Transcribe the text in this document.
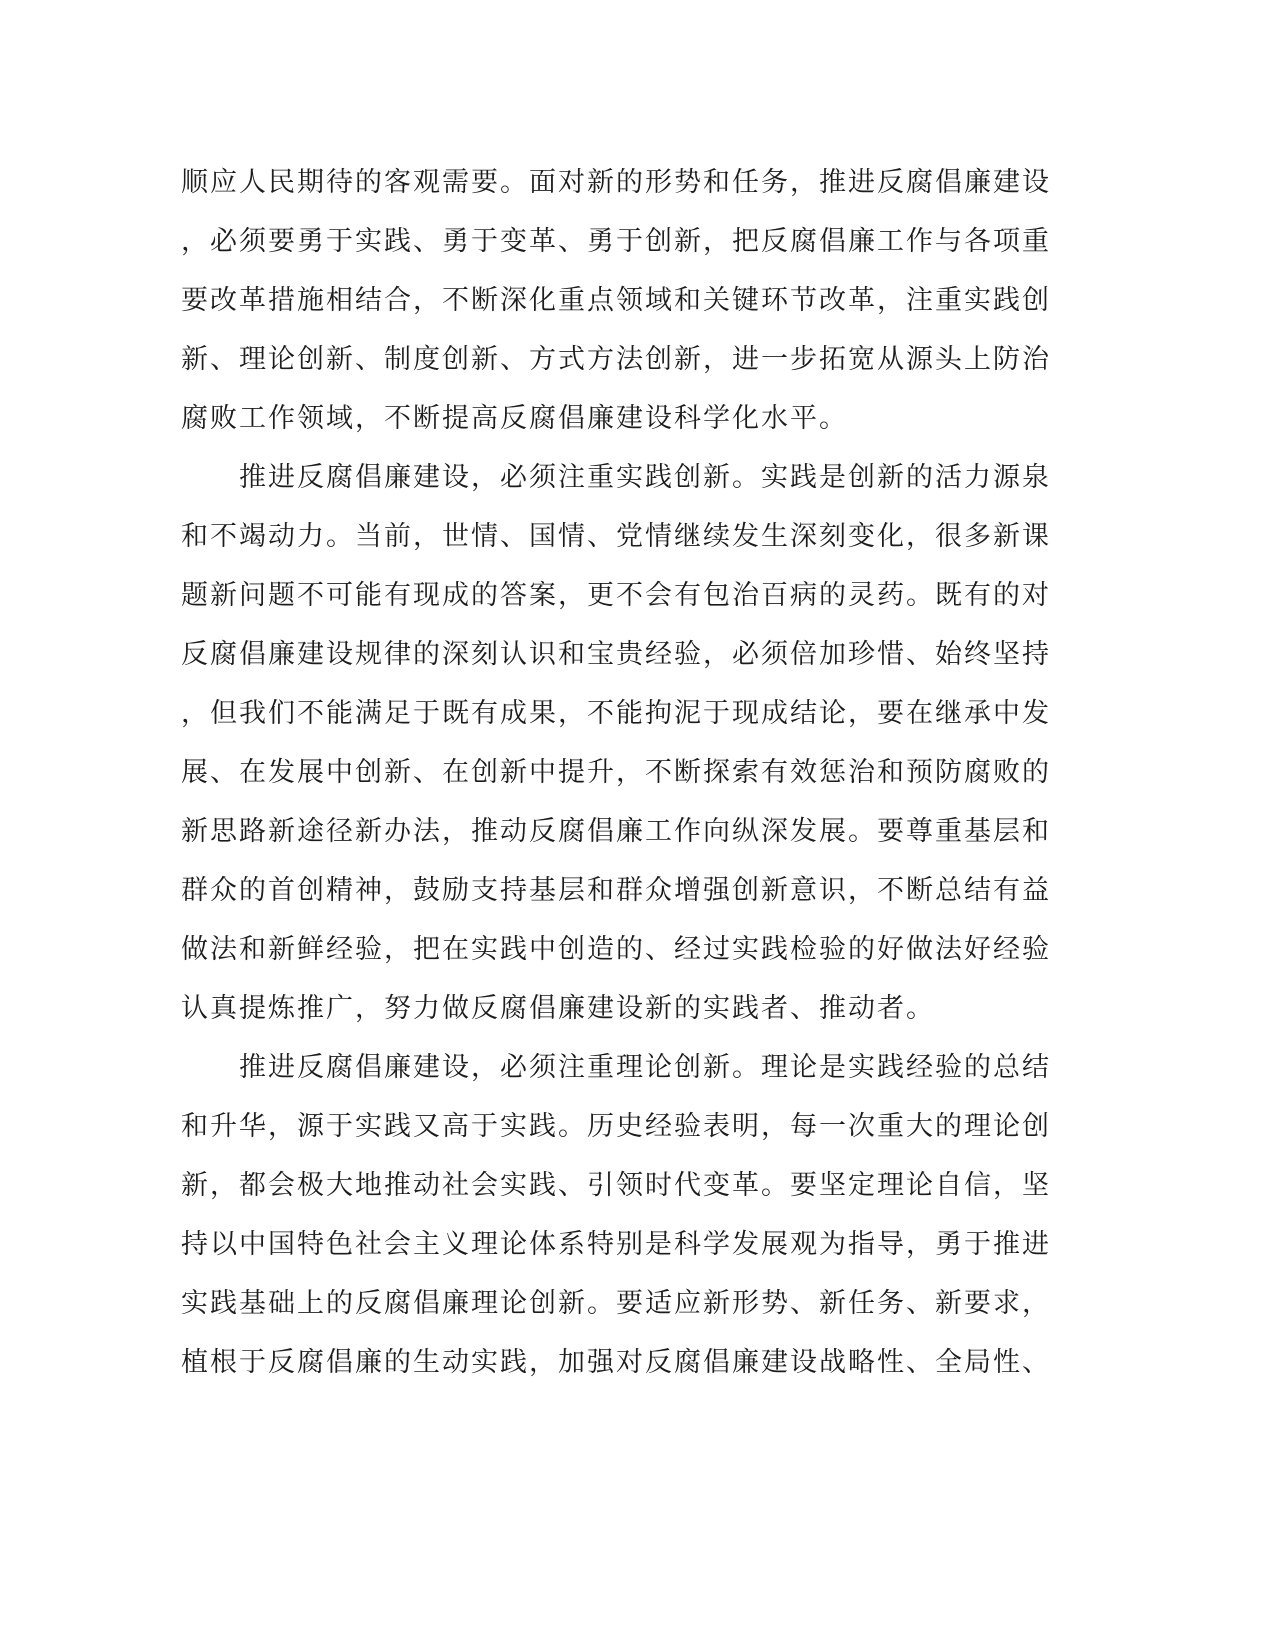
顺应人民期待的客观需要。面对新的形势和任务，推进反腐倡廉建设
，必须要勇于实践、勇于变革、勇于创新，把反腐倡廉工作与各项重
要改革措施相结合，不断深化重点领域和关键环节改革，注重实践创
新、理论创新、制度创新、方式方法创新，进一步拓宽从源头上防治
腐败工作领域，不断提高反腐倡廉建设科学化水平。
　　推进反腐倡廉建设，必须注重实践创新。实践是创新的活力源泉
和不竭动力。当前，世情、国情、党情继续发生深刻变化，很多新课
题新问题不可能有现成的答案，更不会有包治百病的灵药。既有的对
反腐倡廉建设规律的深刻认识和宝贵经验，必须倍加珍惜、始终坚持
，但我们不能满足于既有成果，不能拘泥于现成结论，要在继承中发
展、在发展中创新、在创新中提升，不断探索有效惩治和预防腐败的
新思路新途径新办法，推动反腐倡廉工作向纵深发展。要尊重基层和
群众的首创精神，鼓励支持基层和群众增强创新意识，不断总结有益
做法和新鲜经验，把在实践中创造的、经过实践检验的好做法好经验
认真提炼推广，努力做反腐倡廉建设新的实践者、推动者。
　　推进反腐倡廉建设，必须注重理论创新。理论是实践经验的总结
和升华，源于实践又高于实践。历史经验表明，每一次重大的理论创
新，都会极大地推动社会实践、引领时代变革。要坚定理论自信，坚
持以中国特色社会主义理论体系特别是科学发展观为指导，勇于推进
实践基础上的反腐倡廉理论创新。要适应新形势、新任务、新要求，
植根于反腐倡廉的生动实践，加强对反腐倡廉建设战略性、全局性、
